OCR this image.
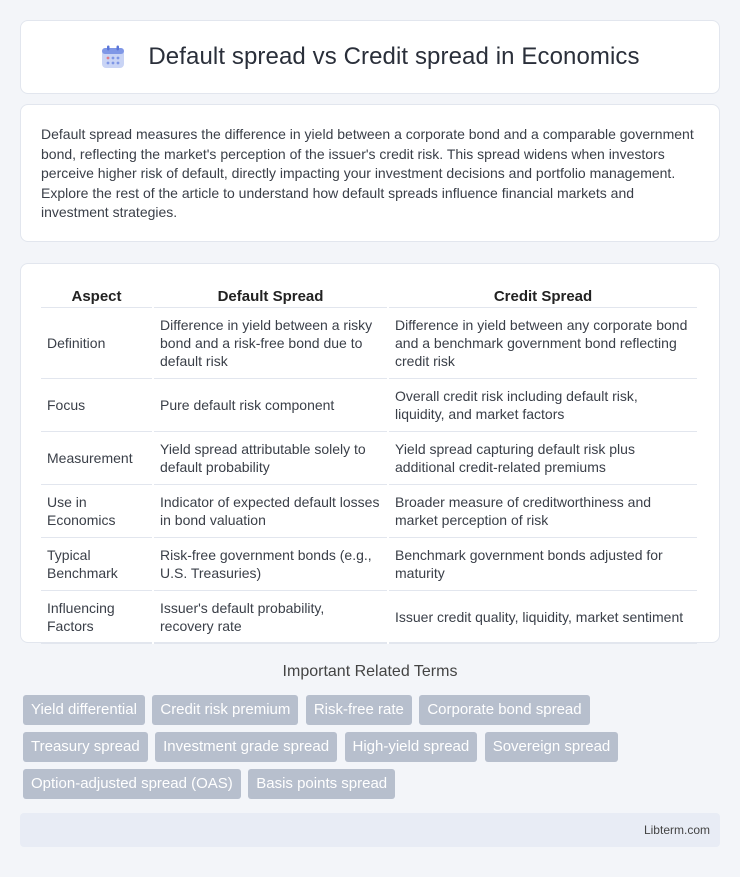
Default spread vs Credit spread in Economics

Default spread measures the difference in yield between a corporate bond and a comparable government bond, reflecting the market's perception of the issuer's credit risk. This spread widens when investors perceive higher risk of default, directly impacting your investment decisions and portfolio management. Explore the rest of the article to understand how default spreads influence financial markets and investment strategies.

Aspect	Default Spread	Credit Spread
Definition	Difference in yield between a risky bond and a risk-free bond due to default risk	Difference in yield between any corporate bond and a benchmark government bond reflecting credit risk
Focus	Pure default risk component	Overall credit risk including default risk, liquidity, and market factors
Measurement	Yield spread attributable solely to default probability	Yield spread capturing default risk plus additional credit-related premiums
Use in Economics	Indicator of expected default losses in bond valuation	Broader measure of creditworthiness and market perception of risk
Typical Benchmark	Risk-free government bonds (e.g., U.S. Treasuries)	Benchmark government bonds adjusted for maturity
Influencing Factors	Issuer's default probability, recovery rate	Issuer credit quality, liquidity, market sentiment
Important Related Terms
Yield differential Credit risk premium Risk-free rate Corporate bond spread Treasury spread Investment grade spread High-yield spread Sovereign spread Option-adjusted spread (OAS) Basis points spread
Libterm.com
